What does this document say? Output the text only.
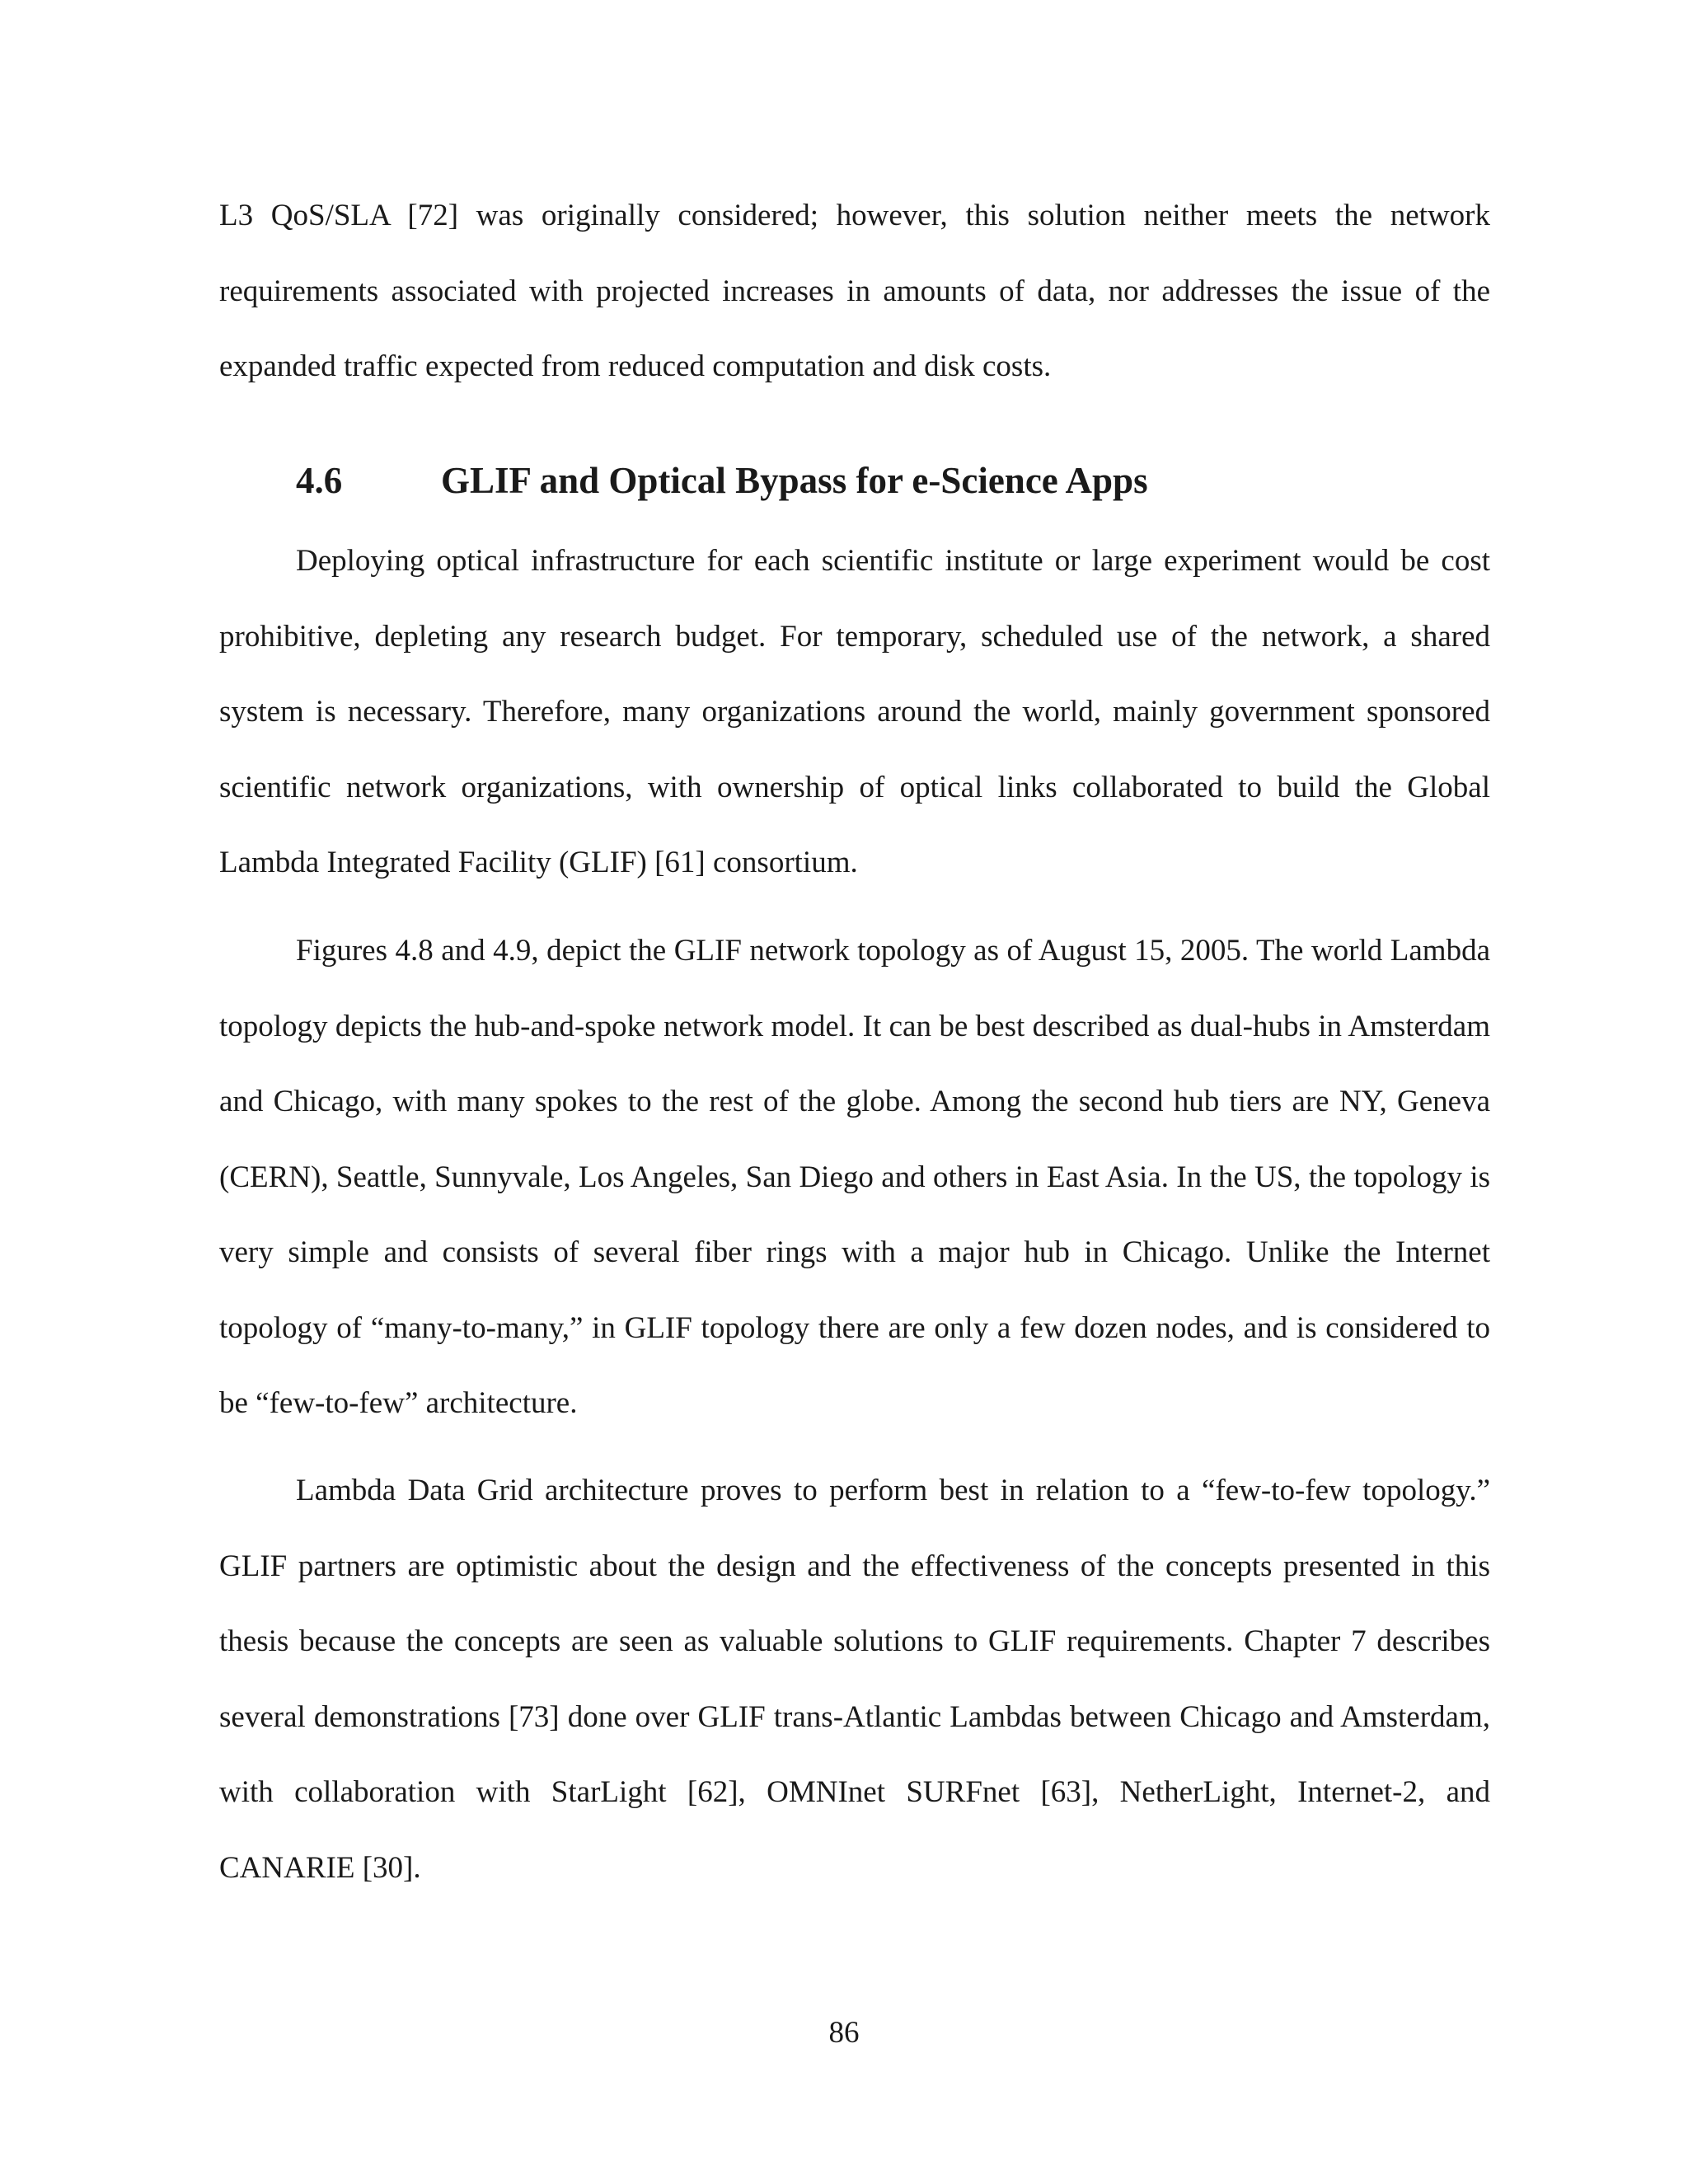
L3 QoS/SLA [72] was originally considered; however, this solution neither meets the network requirements associated with projected increases in amounts of data, nor addresses the issue of the expanded traffic expected from reduced computation and disk costs.

4.6	GLIF and Optical Bypass for e-Science Apps

Deploying optical infrastructure for each scientific institute or large experiment would be cost prohibitive, depleting any research budget. For temporary, scheduled use of the network, a shared system is necessary. Therefore, many organizations around the world, mainly government sponsored scientific network organizations, with ownership of optical links collaborated to build the Global Lambda Integrated Facility (GLIF) [61] consortium.

Figures 4.8 and 4.9, depict the GLIF network topology as of August 15, 2005. The world Lambda topology depicts the hub-and-spoke network model. It can be best described as dual-hubs in Amsterdam and Chicago, with many spokes to the rest of the globe. Among the second hub tiers are NY, Geneva (CERN), Seattle, Sunnyvale, Los Angeles, San Diego and others in East Asia. In the US, the topology is very simple and consists of several fiber rings with a major hub in Chicago. Unlike the Internet topology of “many-to-many,” in GLIF topology there are only a few dozen nodes, and is considered to be “few-to-few” architecture.

Lambda Data Grid architecture proves to perform best in relation to a “few-to-few topology.” GLIF partners are optimistic about the design and the effectiveness of the concepts presented in this thesis because the concepts are seen as valuable solutions to GLIF requirements. Chapter 7 describes several demonstrations [73] done over GLIF trans-Atlantic Lambdas between Chicago and Amsterdam, with collaboration with StarLight [62], OMNInet SURFnet [63], NetherLight, Internet-2, and CANARIE [30].

86
